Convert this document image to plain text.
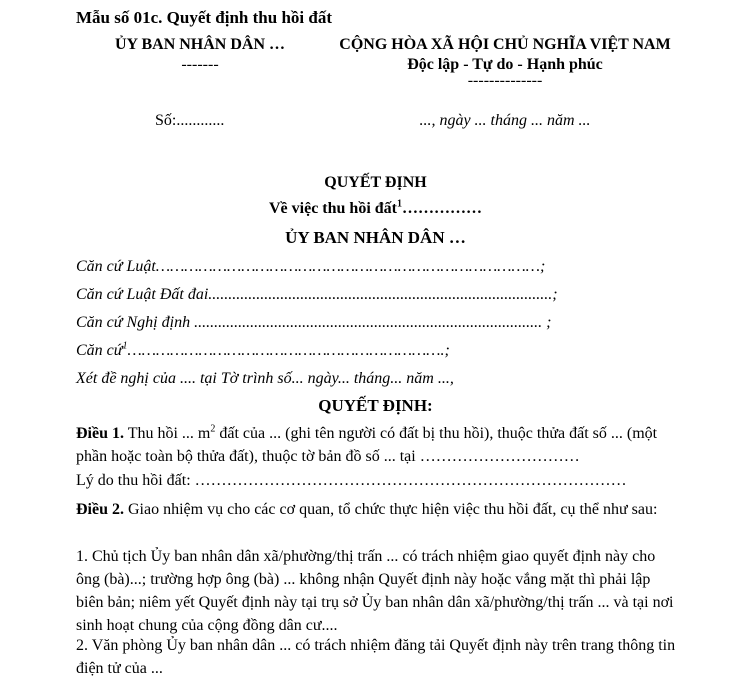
Mẫu số 01c. Quyết định thu hồi đất
ỦY BAN NHÂN DÂN …
-------
CỘNG HÒA XÃ HỘI CHỦ NGHĨA VIỆT NAM
Độc lập - Tự do - Hạnh phúc
--------------
Số:............	..., ngày ... tháng ... năm ...
QUYẾT ĐỊNH
Về việc thu hồi đất$^1$……………
ỦY BAN NHÂN DÂN …
Căn cứ Luật………………………………………………………………………;
Căn cứ Luật Đất đai......................................................................................;
Căn cứ Nghị định ....................................................................................... ;
Căn cứ$^1$………………………………………………………….;
Xét đề nghị của .... tại Tờ trình số... ngày... tháng... năm ...,
QUYẾT ĐỊNH:
Điều 1. Thu hồi ... $m^2$ đất của ... (ghi tên người có đất bị thu hồi), thuộc thửa đất số ... (một phần hoặc toàn bộ thửa đất), thuộc tờ bản đồ số ... tại …………………………
Lý do thu hồi đất: ………………………………………………………………………
Điều 2. Giao nhiệm vụ cho các cơ quan, tổ chức thực hiện việc thu hồi đất, cụ thể như sau:
1. Chủ tịch Ủy ban nhân dân xã/phường/thị trấn ... có trách nhiệm giao quyết định này cho ông (bà)...; trường hợp ông (bà) ... không nhận Quyết định này hoặc vắng mặt thì phải lập biên bản; niêm yết Quyết định này tại trụ sở Ủy ban nhân dân xã/phường/thị trấn ... và tại nơi sinh hoạt chung của cộng đồng dân cư....
2. Văn phòng Ủy ban nhân dân ... có trách nhiệm đăng tải Quyết định này trên trang thông tin điện tử của ...
